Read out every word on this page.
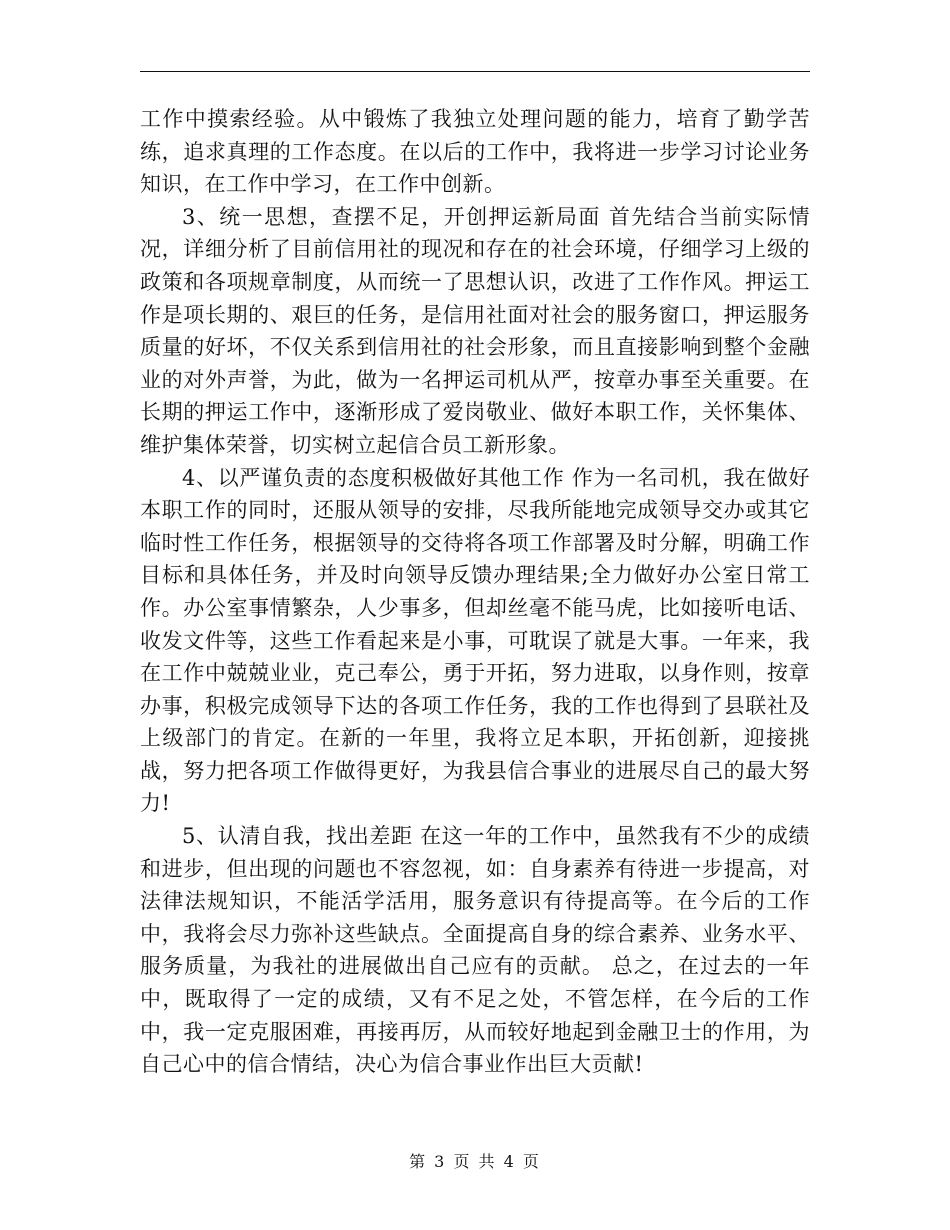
工作中摸索经验。从中锻炼了我独立处理问题的能力，培育了勤学苦练，追求真理的工作态度。在以后的工作中，我将进一步学习讨论业务知识，在工作中学习，在工作中创新。

3、统一思想，查摆不足，开创押运新局面 首先结合当前实际情况，详细分析了目前信用社的现况和存在的社会环境，仔细学习上级的政策和各项规章制度，从而统一了思想认识，改进了工作作风。押运工作是项长期的、艰巨的任务，是信用社面对社会的服务窗口，押运服务质量的好坏，不仅关系到信用社的社会形象，而且直接影响到整个金融业的对外声誉，为此，做为一名押运司机从严，按章办事至关重要。在长期的押运工作中，逐渐形成了爱岗敬业、做好本职工作，关怀集体、维护集体荣誉，切实树立起信合员工新形象。

4、以严谨负责的态度积极做好其他工作 作为一名司机，我在做好本职工作的同时，还服从领导的安排，尽我所能地完成领导交办或其它临时性工作任务，根据领导的交待将各项工作部署及时分解，明确工作目标和具体任务，并及时向领导反馈办理结果;全力做好办公室日常工作。办公室事情繁杂，人少事多，但却丝毫不能马虎，比如接听电话、收发文件等，这些工作看起来是小事，可耽误了就是大事。一年来，我在工作中兢兢业业，克己奉公，勇于开拓，努力进取，以身作则，按章办事，积极完成领导下达的各项工作任务，我的工作也得到了县联社及上级部门的肯定。在新的一年里，我将立足本职，开拓创新，迎接挑战，努力把各项工作做得更好，为我县信合事业的进展尽自己的最大努力!

5、认清自我，找出差距 在这一年的工作中，虽然我有不少的成绩和进步，但出现的问题也不容忽视，如：自身素养有待进一步提高，对法律法规知识，不能活学活用，服务意识有待提高等。在今后的工作中，我将会尽力弥补这些缺点。全面提高自身的综合素养、业务水平、服务质量，为我社的进展做出自己应有的贡献。 总之，在过去的一年中，既取得了一定的成绩，又有不足之处，不管怎样，在今后的工作中，我一定克服困难，再接再厉，从而较好地起到金融卫士的作用，为自己心中的信合情结，决心为信合事业作出巨大贡献!

第 3 页 共 4 页
